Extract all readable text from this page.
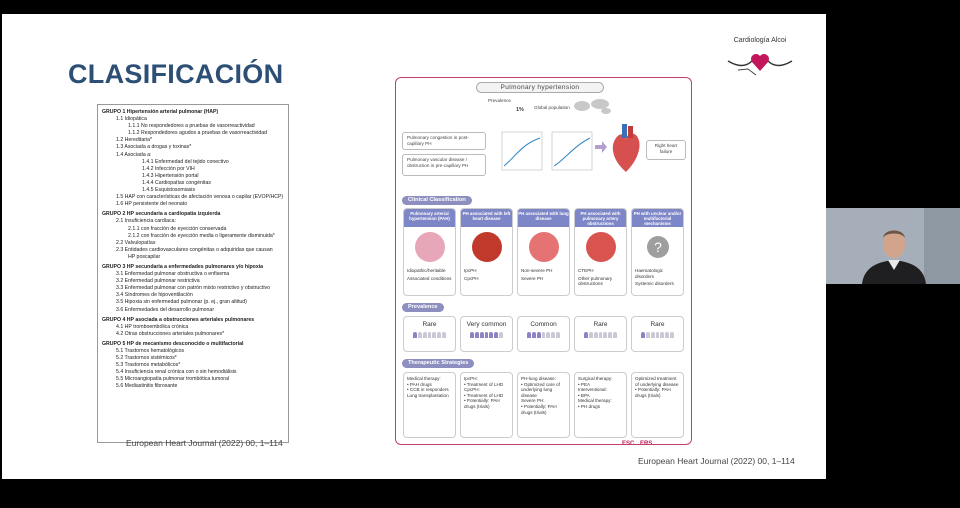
CLASIFICACIÓN
Cardiología Alcoi
GRUPO 1 Hipertensión arterial pulmonar (HAP)
1.1 Idiopática
1.1.1 No respondedores a pruebas de vasorreactividad
1.1.2 Respondedores agudos a pruebas de vasorreactividad
1.2 Hereditaria*
1.3 Asociada a drogas y toxinas*
1.4 Asociada a:
1.4.1 Enfermedad del tejido conectivo
1.4.2 Infección por VIH
1.4.3 Hipertensión portal
1.4.4 Cardiopatías congénitas
1.4.5 Esquistosomiasis
1.5 HAP con características de afectación venosa o capilar (EVOP/HCP)
1.6 HP persistente del neonato
GRUPO 2 HP secundaria a cardiopatía izquierda
2.1 Insuficiencia cardíaca:
2.1.1 con fracción de eyección conservada
2.1.2 con fracción de eyección media o ligeramente disminuida*
2.2 Valvulopatías
2.3 Entidades cardiovasculares congénitas o adquiridas que causan
HP poscapilar
GRUPO 3 HP secundaria a enfermedades pulmonares y/o hipoxia
3.1 Enfermedad pulmonar obstructiva o enfisema
3.2 Enfermedad pulmonar restrictiva
3.3 Enfermedad pulmonar con patrón mixto restrictivo y obstructivo
3.4 Síndromes de hipoventilación
3.5 Hipoxia sin enfermedad pulmonar (p. ej., gran altitud)
3.6 Enfermedades del desarrollo pulmonar
GRUPO 4 HP asociada a obstrucciones arteriales pulmonares
4.1 HP tromboembólica crónica
4.2 Otras obstrucciones arteriales pulmonares*
GRUPO 5 HP de mecanismo desconocido o multifactorial
5.1 Trastornos hematológicos
5.2 Trastornos sistémicos*
5.3 Trastornos metabólicos*
5.4 Insuficiencia renal crónica con o sin hemodiálisis
5.5 Microangiopatía pulmonar trombótica tumoral
5.6 Mediastinitis fibrosante
European Heart Journal (2022) 00, 1–114
European Heart Journal (2022) 00, 1–114
Pulmonary hypertension
Prevalence
1% Global population
Pulmonary congestion in post-capillary PH
Pulmonary vascular disease / obstruction in pre-capillary PH
Right heart failure
Clinical Classification
Prevalence
Therapeutic Strategies
ESC ERS
Pulmonary arterial hypertension (PAH)
Idiopathic/heritable
Associated conditions
PH associated with left heart disease
IpcPH
CpcPH
PH associated with lung disease
Non-severe PH
Severe PH
PH associated with pulmonary artery obstructions
CTEPH
Other pulmonary obstructions
PH with unclear and/or multifactorial mechanisms
?
Haematologic disorders
Systemic disorders
Rare	Very common	Common	Rare	Rare
Medical therapy:
• PAH drugs
• CCB in responders
Lung transplantation
IpcPH:
• Treatment of LHD
CpcPH:
• Treatment of LHD
• Potentially: PAH drugs (trials)
PH-lung disease:
• Optimized care of underlying lung disease
Severe PH:
• Potentially: PAH drugs (trials)
Surgical therapy:
• PEA
Interventional:
• BPA
Medical therapy:
• PH drugs
Optimized treatment of underlying disease
• Potentially: PAH drugs (trials)
